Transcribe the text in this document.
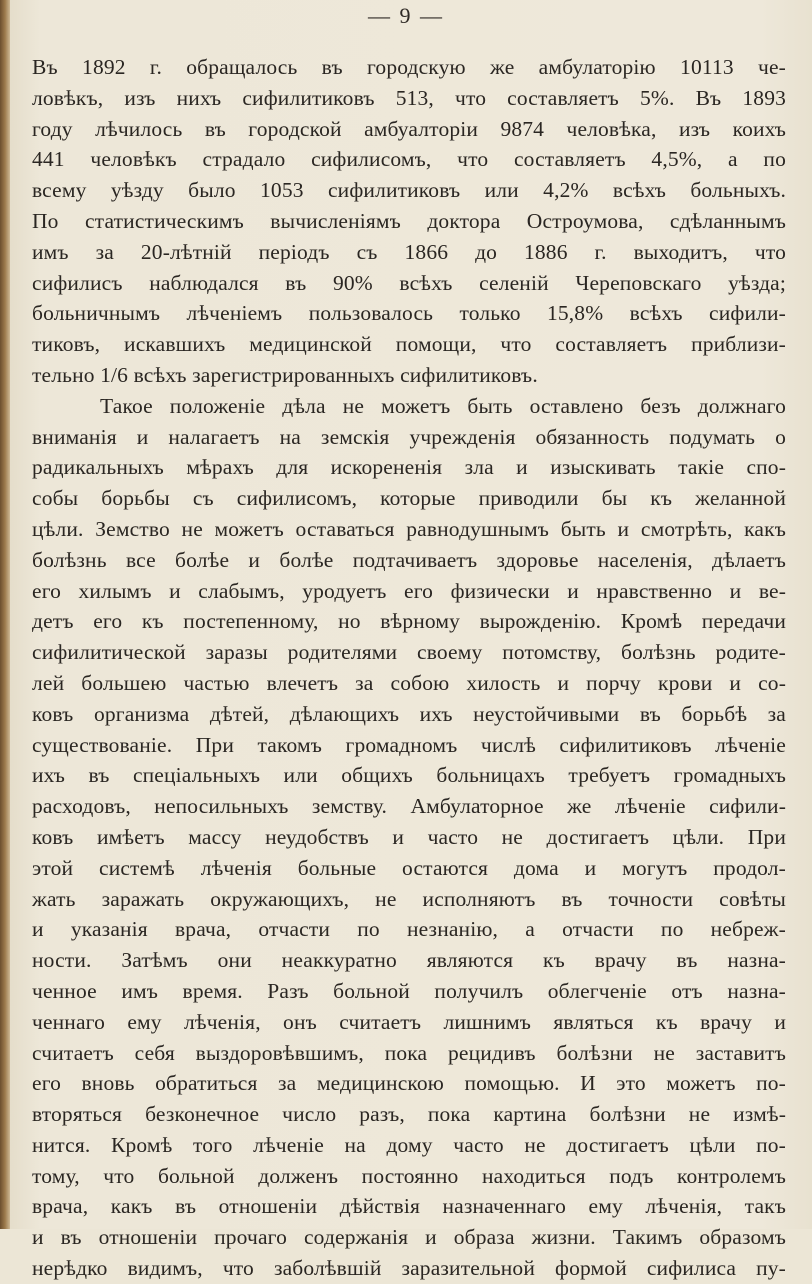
— 9 —
Въ 1892 г. обращалось въ городскую же амбулаторію 10113 че-
ловѣкъ, изъ нихъ сифилитиковъ 513, что составляетъ 5%. Въ 1893
году лѣчилось въ городской амбуалторіи 9874 человѣка, изъ коихъ
441 человѣкъ страдало сифилисомъ, что составляетъ 4,5%, а по
всему уѣзду было 1053 сифилитиковъ или 4,2% всѣхъ больныхъ.
По статистическимъ вычисленіямъ доктора Остроумова, сдѣланнымъ
имъ за 20-лѣтній періодъ съ 1866 до 1886 г. выходитъ, что
сифилисъ наблюдался въ 90% всѣхъ селеній Череповскаго уѣзда;
больничнымъ лѣченіемъ пользовалось только 15,8% всѣхъ сифили-
тиковъ, искавшихъ медицинской помощи, что составляетъ приблизи-
тельно 1/6 всѣхъ зарегистрированныхъ сифилитиковъ.
Такое положеніе дѣла не можетъ быть оставлено безъ должнаго
вниманія и налагаетъ на земскія учрежденія обязанность подумать о
радикальныхъ мѣрахъ для искорененія зла и изыскивать такіе спо-
собы борьбы съ сифилисомъ, которые приводили бы къ желанной
цѣли. Земство не можетъ оставаться равнодушнымъ быть и смотрѣть, какъ
болѣзнь все болѣе и болѣе подтачиваетъ здоровье населенія, дѣлаетъ
его хилымъ и слабымъ, уродуетъ его физически и нравственно и ве-
детъ его къ постепенному, но вѣрному вырожденію. Кромѣ передачи
сифилитической заразы родителями своему потомству, болѣзнь родите-
лей большею частью влечетъ за собою хилость и порчу крови и со-
ковъ организма дѣтей, дѣлающихъ ихъ неустойчивыми въ борьбѣ за
существованіе. При такомъ громадномъ числѣ сифилитиковъ лѣченіе
ихъ въ спеціальныхъ или общихъ больницахъ требуетъ громадныхъ
расходовъ, непосильныхъ земству. Амбулаторное же лѣченіе сифили-
ковъ имѣетъ массу неудобствъ и часто не достигаетъ цѣли. При
этой системѣ лѣченія больные остаются дома и могутъ продол-
жать заражать окружающихъ, не исполняютъ въ точности совѣты
и указанія врача, отчасти по незнанію, а отчасти по небреж-
ности. Затѣмъ они неаккуратно являются къ врачу въ назна-
ченное имъ время. Разъ больной получилъ облегченіе отъ назна-
ченнаго ему лѣченія, онъ считаетъ лишнимъ являться къ врачу и
считаетъ себя выздоровѣвшимъ, пока рецидивъ болѣзни не заставитъ
его вновь обратиться за медицинскою помощью. И это можетъ по-
вторяться безконечное число разъ, пока картина болѣзни не измѣ-
нится. Кромѣ того лѣченіе на дому часто не достигаетъ цѣли по-
тому, что больной долженъ постоянно находиться подъ контролемъ
врача, какъ въ отношеніи дѣйствія назначеннаго ему лѣченія, такъ
и въ отношеніи прочаго содержанія и образа жизни. Такимъ образомъ
нерѣдко видимъ, что заболѣвшій заразительной формой сифилиса пу-
